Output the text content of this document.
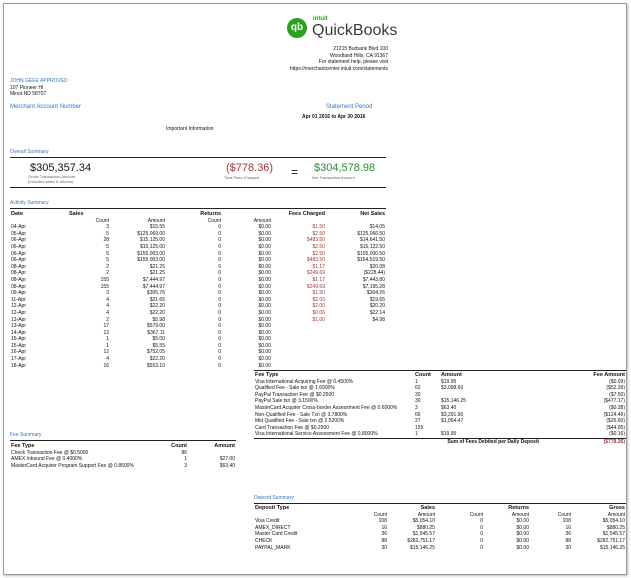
qb
intuit
QuickBooks
21215 Burbank Blvd 100
Woodland Hills, CA 91367
For statement help, please visit
https://merchantcenter.intuit.com/statements
JOHN GEEE APPROVED
107 Pioneer Hl
Minot ND 58707
Merchant Account Number	Statement Period
Apr 01 2016 to Apr 30 2016
Important Information
Overall Summary
$305,357.34
Gross Transaction Amount
(Includes sales & returns)
($778.36)
Total Fees Charged	= $304,578.98
Net Transaction Amount
Activity Summary
Date	Sales		Returns		Fees Charged	Net Sales
	Count	Amount	Count	Amount		
04-Apr	3	$15.55	0	$0.00	$1.50	$14.05
05-Apr	5	$125,069.00	0	$0.00	$2.50	$125,066.50
06-Apr	28	$15,125.00	0	$0.00	$483.50	$14,641.50
06-Apr	5	$15,125.00	0	$0.00	$2.50	$15,122.50
06-Apr	5	$155,003.00	0	$0.00	$2.50	$155,000.50
06-Apr	5	$155,003.00	0	$0.00	$483.50	$154,519.50
08-Apr	2	$21.25	0	$0.00	$1.17	$20.08
08-Apr	2	$21.25	0	$0.00	$249.69	($228.44)
08-Apr	155	$7,444.97	0	$0.00	$1.17	$7,443.80
08-Apr	155	$7,444.97	0	$0.00	$249.69	$7,195.28
09-Apr	3	$305.76	0	$0.00	$1.50	$304.26
11-Apr	4	$21.65	0	$0.00	$2.00	$19.65
12-Apr	4	$22.20	0	$0.00	$2.00	$20.20
12-Apr	4	$22.20	0	$0.00	$0.06	$22.14
13-Apr	2	$5.98	0	$0.00	$1.00	$4.98
13-Apr	17	$579.00	0	$0.00		
14-Apr	13	$367.11	0	$0.00		
15-Apr	1	$5.00	0	$0.00		
15-Apr	1	$5.55	0	$0.00		
16-Apr	12	$752.05	0	$0.00		
17-Apr	4	$22.20	0	$0.00		
18-Apr	16	$553.10	0	$0.00		
Fee Summary
Fee Type	Count	Amount
Check Transaction Fee @ $0.5000	86	
AMEX Inbound Fee @ 0.4000%	1	$27.00
MasterCard Acquirer Program Support Fee @ 0.8500%	3	$63.40
Fee Type	Count	Amount	Fee Amount
Visa International Acquiring Fee @ 0.4500%	1	$19.95	($0.09)
Qualified Fee - Sale txn @ 1.6900%	62	$3,098.60	($52.39)
PayPal Transaction Fee @ $0.2500	30		($7.50)
PayPal Sale txn @ 3.1500%	30	$15,146.25	($477.17)
MasterCard Acquirer Cross-border Assessment Fee @ 0.6000%	3	$63.40	($0.38)
Non-Qualified Fee - Sale Txn @ 3.7800%	66	$3,291.90	($124.46)
Mid Qualified Fee - Sale txn @ 2.5200%	27	$1,054.47	($26.60)
Card Transaction Fee @ $0.2900	155		($44.95)
Visa International Service Assessment Fee @ 0.8000%	1	$19.95	($0.16)
		Sum of Fees Debited per Daily Deposit	($778.36)
Deposit Summary
Deposit Type		Sales		Returns		Gross
	Count	Amount	Count	Amount	Count	Amount
Visa Credit	108	$5,054.10	0	$0.00	108	$5,054.10
AMEX_DIRECT	16	$880.25	0	$0.00	16	$880.25
Master Card Credit	36	$1,545.57	0	$0.00	36	$1,545.57
CHECK	88	$282,751.17	0	$0.00	88	$282,751.17
PAYPAL_MARK	30	$15,146.25	0	$0.00	30	$15,146.25
